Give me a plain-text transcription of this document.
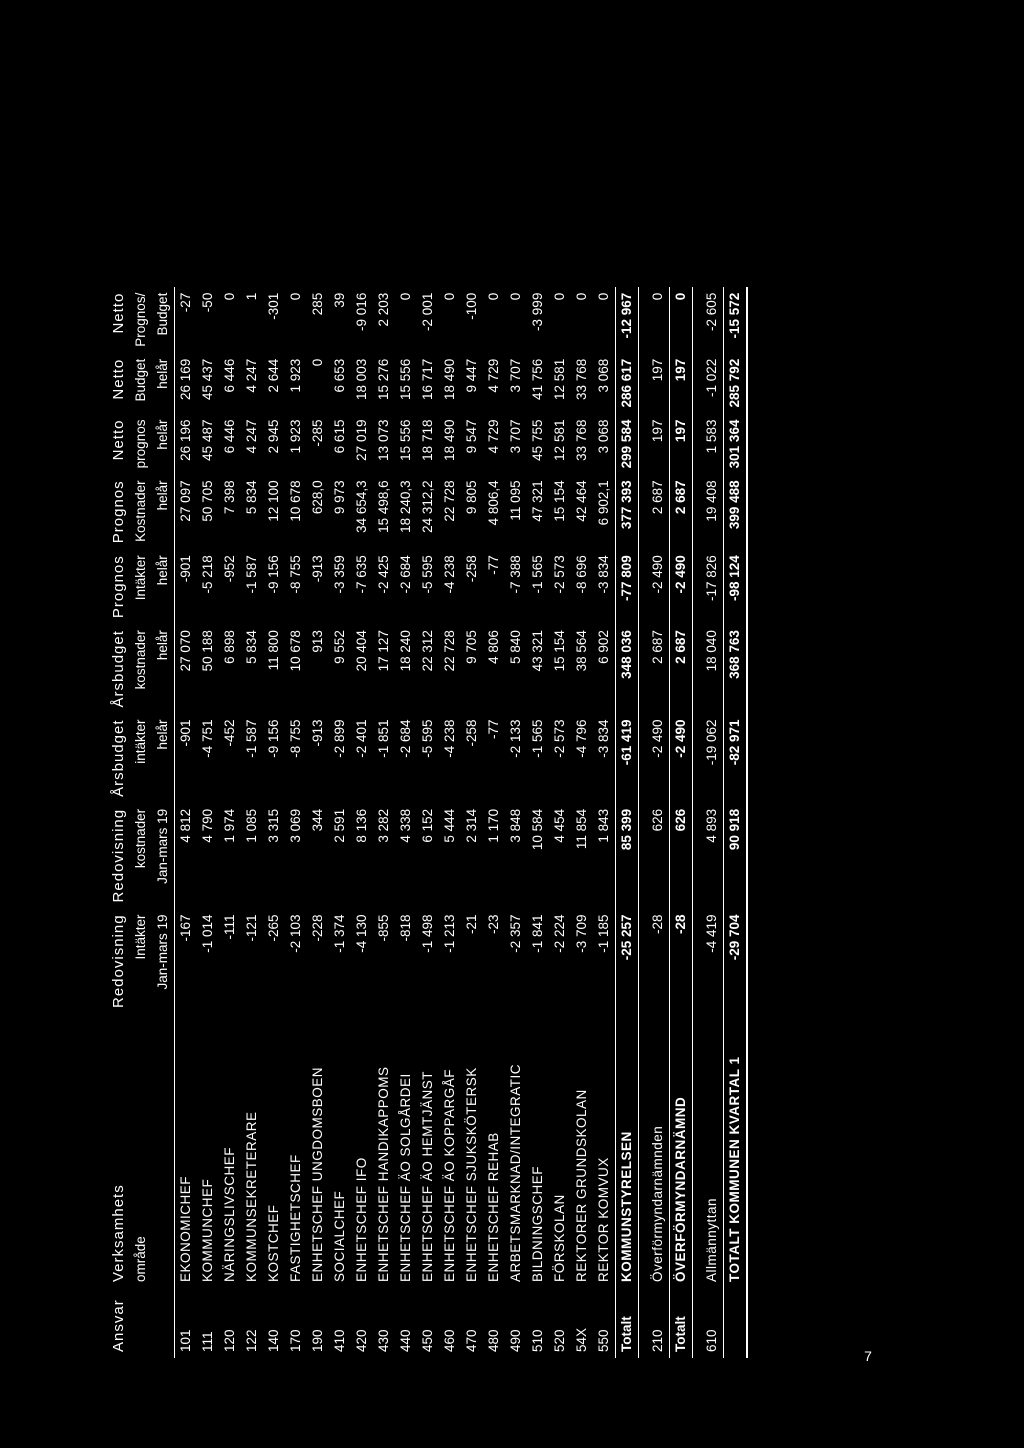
Ansvar	Verksamhets	Redovisning	Redovisning	Årsbudget	Årsbudget	Prognos	Prognos	Netto	Netto	Netto
	område	Intäkter	kostnader	intäkter	kostnader	Intäkter	Kostnader	prognos	Budget	Prognos/
		Jan-mars 19	Jan-mars 19	helår	helår	helår	helår	helår	helår	Budget
101	EKONOMICHEF	-167	4 812	-901	27 070	-901	27 097	26 196	26 169	-27
111	KOMMUNCHEF	-1 014	4 790	-4 751	50 188	-5 218	50 705	45 487	45 437	-50
120	NÄRINGSLIVSCHEF	-111	1 974	-452	6 898	-952	7 398	6 446	6 446	0
122	KOMMUNSEKRETERARE	-121	1 085	-1 587	5 834	-1 587	5 834	4 247	4 247	1
140	KOSTCHEF	-265	3 315	-9 156	11 800	-9 156	12 100	2 945	2 644	-301
170	FASTIGHETSCHEF	-2 103	3 069	-8 755	10 678	-8 755	10 678	1 923	1 923	0
190	ENHETSCHEF UNGDOMSBOEN	-228	344	-913	913	-913	628,0	-285	0	285
410	SOCIALCHEF	-1 374	2 591	-2 899	9 552	-3 359	9 973	6 615	6 653	39
420	ENHETSCHEF IFO	-4 130	8 136	-2 401	20 404	-7 635	34 654,3	27 019	18 003	-9 016
430	ENHETSCHEF HANDIKAPPOMS	-855	3 282	-1 851	17 127	-2 425	15 498,6	13 073	15 276	2 203
440	ENHETSCHEF ÄO SOLGÅRDEI	-818	4 338	-2 684	18 240	-2 684	18 240,3	15 556	15 556	0
450	ENHETSCHEF ÄO HEMTJÄNST	-1 498	6 152	-5 595	22 312	-5 595	24 312,2	18 718	16 717	-2 001
460	ENHETSCHEF ÄO KOPPARGÅF	-1 213	5 444	-4 238	22 728	-4 238	22 728	18 490	18 490	0
470	ENHETSCHEF SJUKSKÖTERSK	-21	2 314	-258	9 705	-258	9 805	9 547	9 447	-100
480	ENHETSCHEF REHAB	-23	1 170	-77	4 806	-77	4 806,4	4 729	4 729	0
490	ARBETSMARKNAD/INTEGRATIC	-2 357	3 848	-2 133	5 840	-7 388	11 095	3 707	3 707	0
510	BILDNINGSCHEF	-1 841	10 584	-1 565	43 321	-1 565	47 321	45 755	41 756	-3 999
520	FÖRSKOLAN	-2 224	4 454	-2 573	15 154	-2 573	15 154	12 581	12 581	0
54X	REKTORER GRUNDSKOLAN	-3 709	11 854	-4 796	38 564	-8 696	42 464	33 768	33 768	0
550	REKTOR KOMVUX	-1 185	1 843	-3 834	6 902	-3 834	6 902,1	3 068	3 068	0
Totalt	KOMMUNSTYRELSEN	-25 257	85 399	-61 419	348 036	-77 809	377 393	299 584	286 617	-12 967

210	Överförmyndarnämnden	-28	626	-2 490	2 687	-2 490	2 687	197	197	0
Totalt	ÖVERFÖRMYNDARNÄMND	-28	626	-2 490	2 687	-2 490	2 687	197	197	0

610	Allmännyttan	-4 419	4 893	-19 062	18 040	-17 826	19 408	1 583	-1 022	-2 605
	TOTALT KOMMUNEN KVARTAL 1	-29 704	90 918	-82 971	368 763	-98 124	399 488	301 364	285 792	-15 572
7
